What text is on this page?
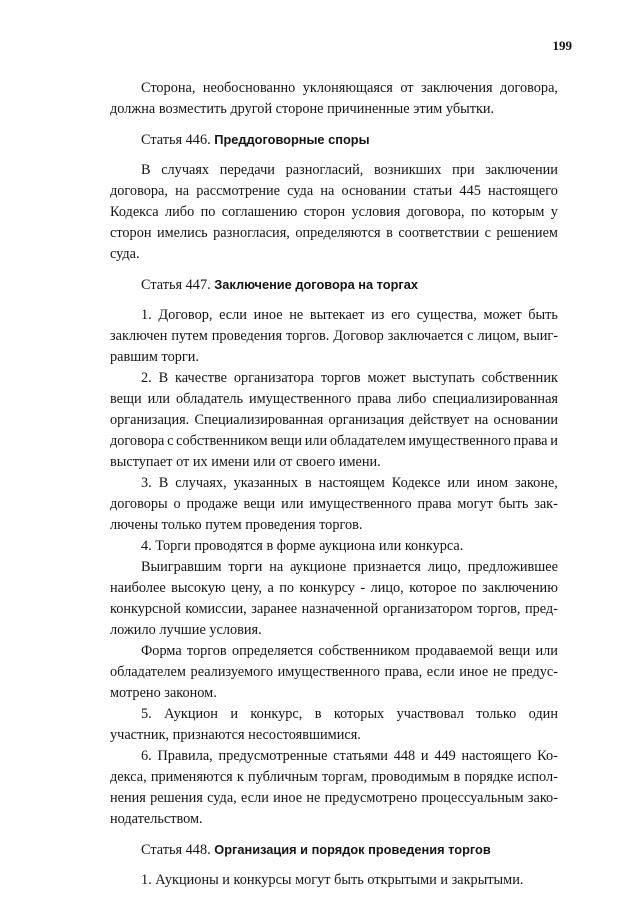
199
Сторона, необоснованно уклоняющаяся от заключения договора,
должна возместить другой стороне причиненные этим убытки.
Статья 446. Преддоговорные споры
В случаях передачи разногласий, возникших при заключении
договора, на рассмотрение суда на основании статьи 445 настоящего
Кодекса либо по соглашению сторон условия договора, по которым у
сторон имелись разногласия, определяются в соответствии с решением
суда.
Статья 447. Заключение договора на торгах
1. Договор, если иное не вытекает из его существа, может быть
заключен путем проведения торгов. Договор заключается с лицом, выиг-
равшим торги.
2. В качестве организатора торгов может выступать собственник
вещи или обладатель имущественного права либо специализированная
организация. Специализированная организация действует на основании
договора с собственником вещи или обладателем имущественного права и
выступает от их имени или от своего имени.
3. В случаях, указанных в настоящем Кодексе или ином законе,
договоры о продаже вещи или имущественного права могут быть зак-
лючены только путем проведения торгов.
4. Торги проводятся в форме аукциона или конкурса.
Выигравшим торги на аукционе признается лицо, предложившее
наиболее высокую цену, а по конкурсу - лицо, которое по заключению
конкурсной комиссии, заранее назначенной организатором торгов, пред-
ложило лучшие условия.
Форма торгов определяется собственником продаваемой вещи или
обладателем реализуемого имущественного права, если иное не предус-
мотрено законом.
5. Аукцион и конкурс, в которых участвовал только один
участник, признаются несостоявшимися.
6. Правила, предусмотренные статьями 448 и 449 настоящего Ко-
декса, применяются к публичным торгам, проводимым в порядке испол-
нения решения суда, если иное не предусмотрено процессуальным зако-
нодательством.
Статья 448. Организация и порядок проведения торгов
1. Аукционы и конкурсы могут быть открытыми и закрытыми.
